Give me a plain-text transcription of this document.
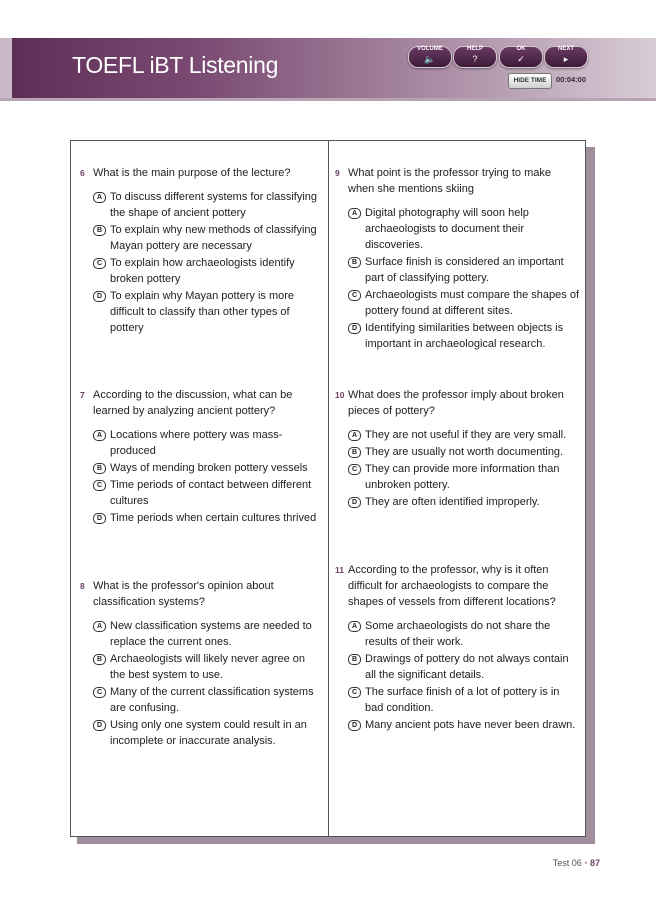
TOEFL iBT Listening
VOLUME
🔈
HELP
?
OK
✓
NEXT
▸
HIDE TIME	00:04:00
6 What is the main purpose of the lecture?
A To discuss different systems for classifying the shape of ancient pottery
B To explain why new methods of classifying Mayan pottery are necessary
C To explain how archaeologists identify broken pottery
D To explain why Mayan pottery is more difficult to classify than other types of pottery
7 According to the discussion, what can be learned by analyzing ancient pottery?
A Locations where pottery was mass-produced
B Ways of mending broken pottery vessels
C Time periods of contact between different cultures
D Time periods when certain cultures thrived
8 What is the professor's opinion about classification systems?
A New classification systems are needed to replace the current ones.
B Archaeologists will likely never agree on the best system to use.
C Many of the current classification systems are confusing.
D Using only one system could result in an incomplete or inaccurate analysis.
9 What point is the professor trying to make when she mentions skiing
A Digital photography will soon help archaeologists to document their discoveries.
B Surface finish is considered an important part of classifying pottery.
C Archaeologists must compare the shapes of pottery found at different sites.
D Identifying similarities between objects is important in archaeological research.
10 What does the professor imply about broken pieces of pottery?
A They are not useful if they are very small.
B They are usually not worth documenting.
C They can provide more information than unbroken pottery.
D They are often identified improperly.
11 According to the professor, why is it often difficult for archaeologists to compare the shapes of vessels from different locations?
A Some archaeologists do not share the results of their work.
B Drawings of pottery do not always contain all the significant details.
C The surface finish of a lot of pottery is in bad condition.
D Many ancient pots have never been drawn.
Test 06 • 87
